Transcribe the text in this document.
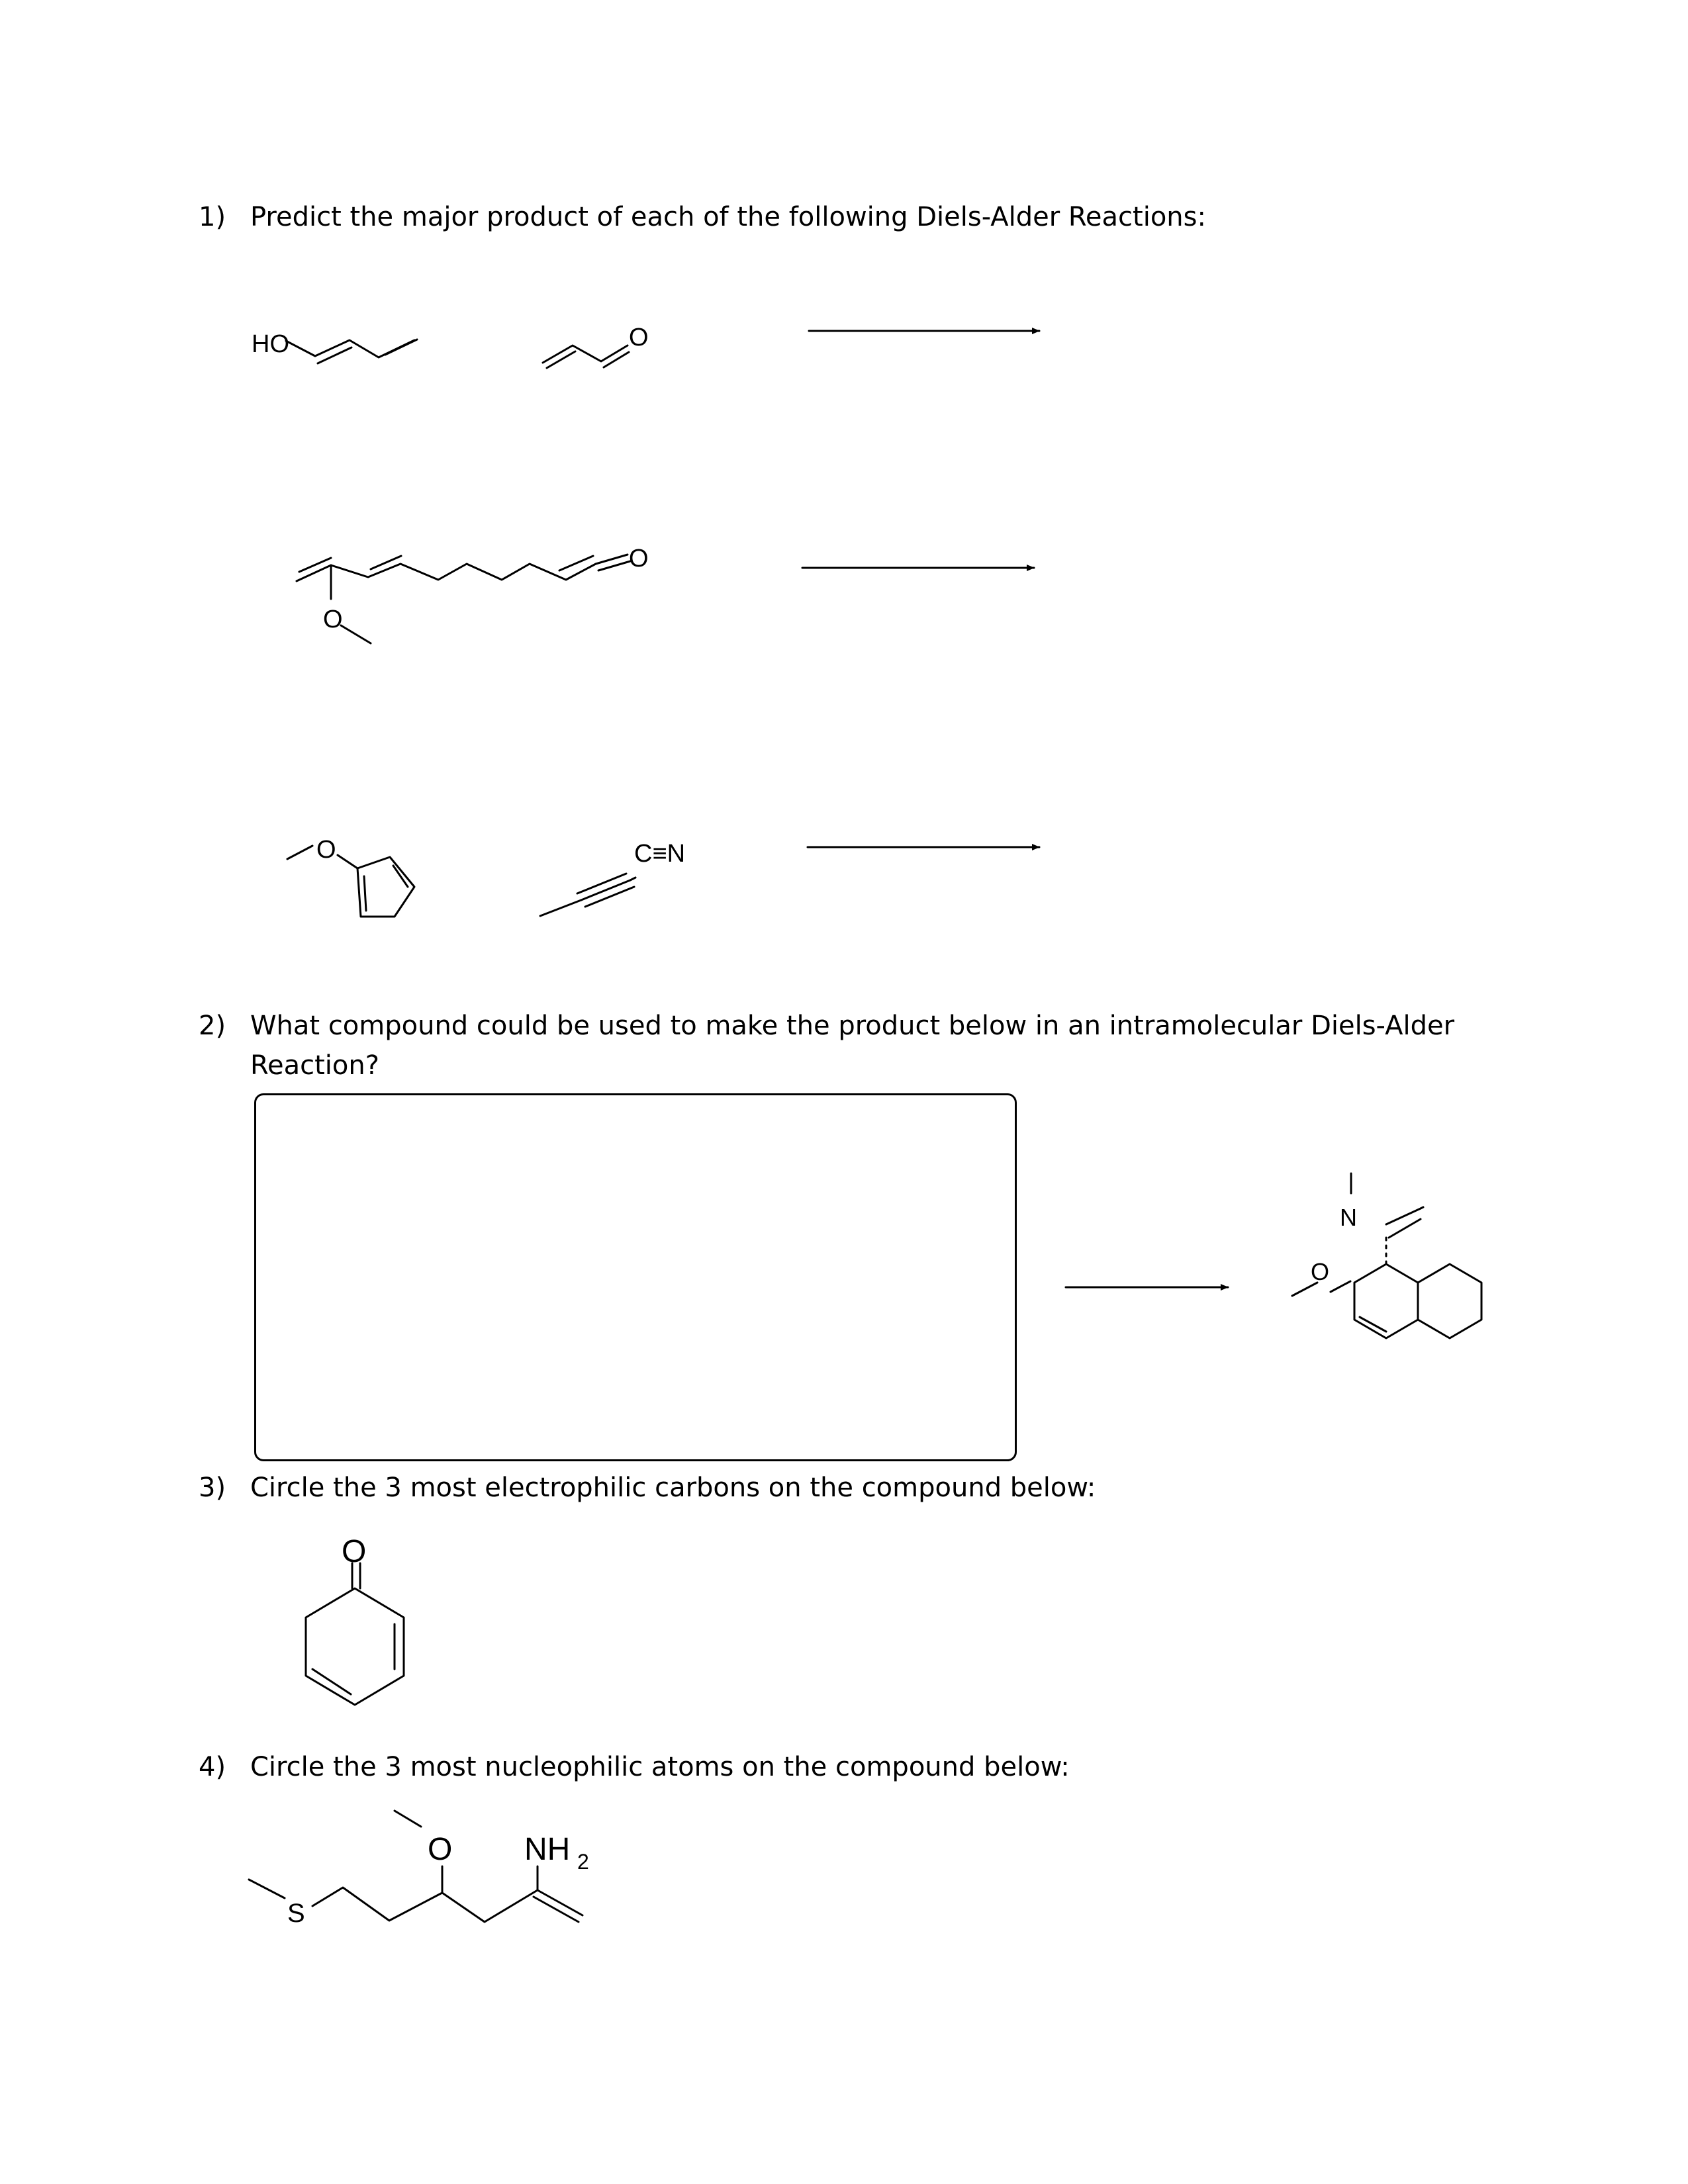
1) Predict the major product of each of the following Diels-Alder Reactions:
2) What compound could be used to make the product below in an intramolecular Diels-Alder
Reaction?
3) Circle the 3 most electrophilic carbons on the compound below:
4) Circle the 3 most nucleophilic atoms on the compound below:
HO	O
O
O
O	C≡N
N
O
O
S
O NH 2
